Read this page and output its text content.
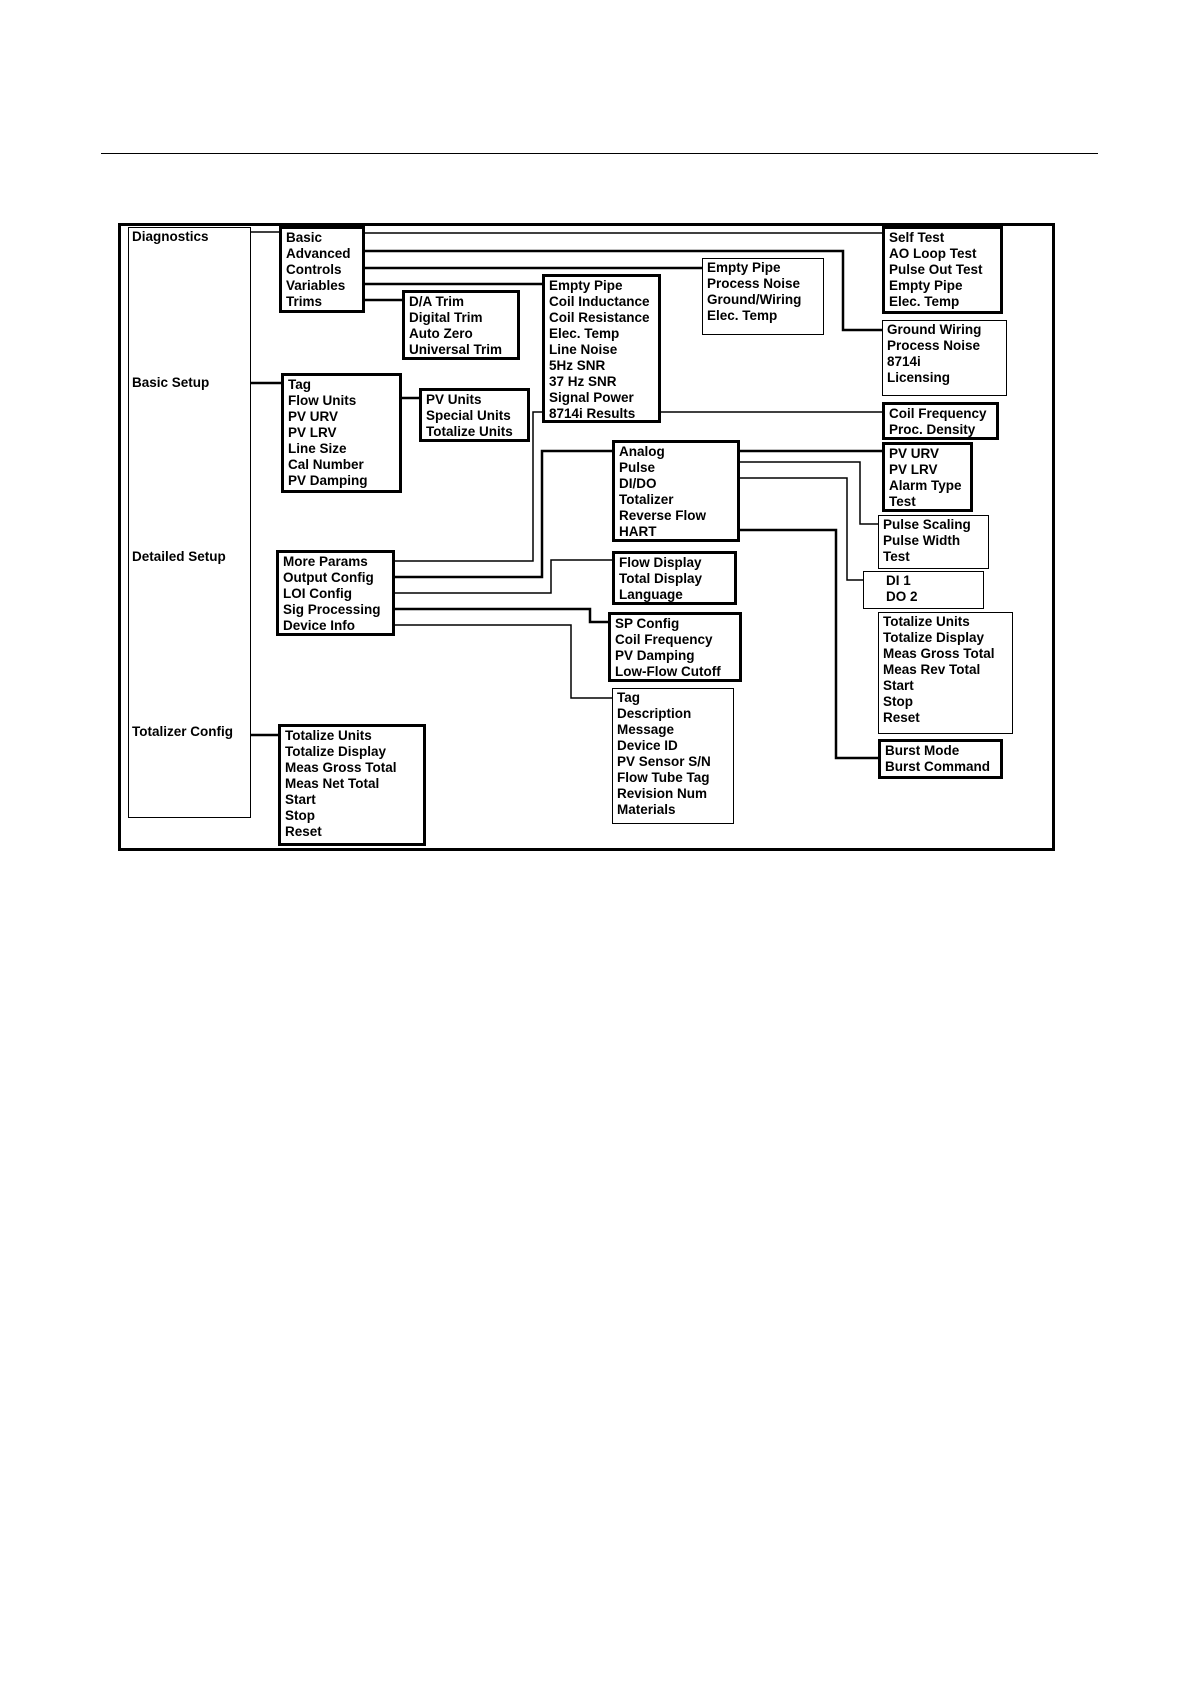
Diagnostics
Basic Setup
Detailed Setup
Totalizer Config
Basic
Advanced
Controls
Variables
Trims
Self Test
AO Loop Test
Pulse Out Test
Empty Pipe
Elec. Temp
Ground Wiring
Process Noise
8714i
Licensing
Empty Pipe
Process Noise
Ground/Wiring
Elec. Temp
Empty Pipe
Coil Inductance
Coil Resistance
Elec. Temp
Line Noise
5Hz SNR
37 Hz SNR
Signal Power
8714i Results
D/A Trim
Digital Trim
Auto Zero
Universal Trim
Tag
Flow Units
PV URV
PV LRV
Line Size
Cal Number
PV Damping
PV Units
Special Units
Totalize Units
Coil Frequency
Proc. Density
Analog
Pulse
DI/DO
Totalizer
Reverse Flow
HART
PV URV
PV LRV
Alarm Type
Test
Pulse Scaling
Pulse Width
Test
DI 1
DO 2
Totalize Units
Totalize Display
Meas Gross Total
Meas Rev Total
Start
Stop
Reset
Burst Mode
Burst Command
More Params
Output Config
LOI Config
Sig Processing
Device Info
Flow Display
Total Display
Language
SP Config
Coil Frequency
PV Damping
Low-Flow Cutoff
Tag
Description
Message
Device ID
PV Sensor S/N
Flow Tube Tag
Revision Num
Materials
Totalize Units
Totalize Display
Meas Gross Total
Meas Net Total
Start
Stop
Reset
